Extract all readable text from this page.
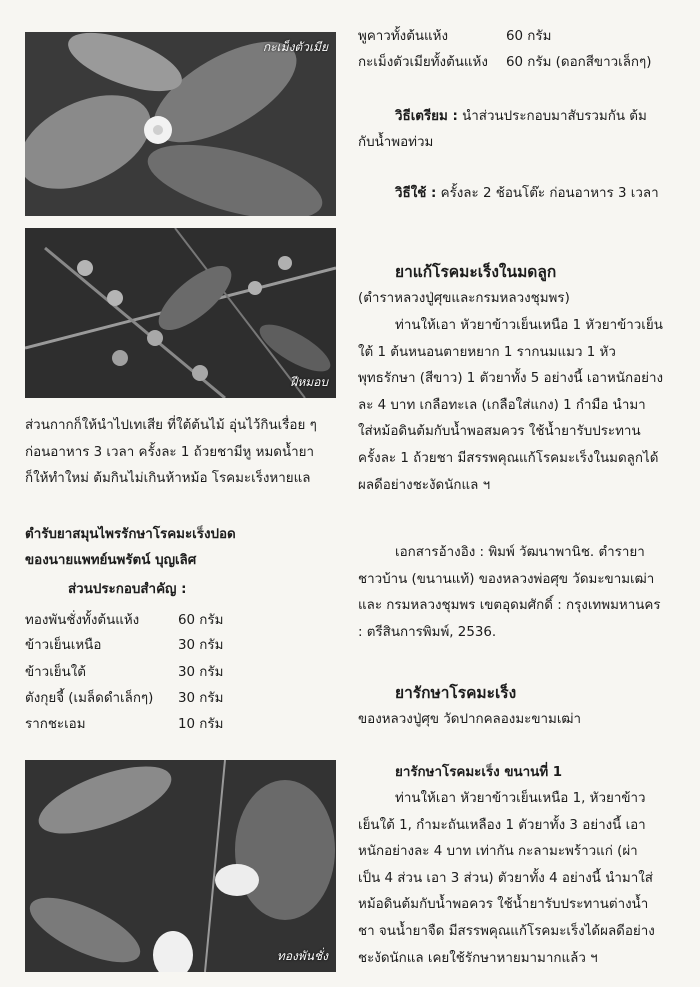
กะเม็งตัวเมีย
ฝีหมอบ
ทองพันชั่ง
พูคาวทั้งต้นแห้ง	60 กรัม
กะเม็งตัวเมียทั้งต้นแห้ง 60 กรัม (ดอกสีขาวเล็กๆ)
วิธีเตรียม : นำส่วนประกอบมาสับรวมกัน ต้ม
กับน้ำพอท่วม
วิธีใช้ : ครั้งละ 2 ช้อนโต๊ะ ก่อนอาหาร 3 เวลา
ยาแก้โรคมะเร็งในมดลูก
(ตำราหลวงปู่ศุขและกรมหลวงชุมพร)
ท่านให้เอา หัวยาข้าวเย็นเหนือ 1 หัวยาข้าวเย็น
ใต้ 1 ต้นหนอนตายหยาก 1 รากนมแมว 1 หัว
พุทธรักษา (สีขาว) 1 ตัวยาทั้ง 5 อย่างนี้ เอาหนักอย่าง
ละ 4 บาท เกลือทะเล (เกลือใส่แกง) 1 กำมือ นำมา
ใส่หม้อดินต้มกับน้ำพอสมควร ใช้น้ำยารับประทาน
ครั้งละ 1 ถ้วยชา มีสรรพคุณแก้โรคมะเร็งในมดลูกได้
ผลดีอย่างชะงัดนักแล ฯ
ส่วนกากก็ให้นำไปเทเสีย ที่ใต้ต้นไม้ อุ่นไว้กินเรื่อย ๆ
ก่อนอาหาร 3 เวลา ครั้งละ 1 ถ้วยชามีหู หมดน้ำยา
ก็ให้ทำใหม่ ต้มกินไม่เกินห้าหม้อ โรคมะเร็งหายแล
ตำรับยาสมุนไพรรักษาโรคมะเร็งปอด
ของนายแพทย์นพรัตน์ บุญเลิศ
ส่วนประกอบสำคัญ :
ทองพันชั่งทั้งต้นแห้ง	60 กรัม
ข้าวเย็นเหนือ	30 กรัม
ข้าวเย็นใต้	30 กรัม
ตังกุยจี้ (เมล็ดดำเล็กๆ) 30 กรัม
รากชะเอม	10 กรัม
เอกสารอ้างอิง : พิมพ์ วัฒนาพานิช. ตำรายา
ชาวบ้าน (ขนานแท้) ของหลวงพ่อศุข วัดมะขามเฒ่า
และ กรมหลวงชุมพร เขตอุดมศักดิ์ : กรุงเทพมหานคร
: ตรีสินการพิมพ์, 2536.
ยารักษาโรคมะเร็ง
ของหลวงปู่ศุข วัดปากคลองมะขามเฒ่า
ยารักษาโรคมะเร็ง ขนานที่ 1
ท่านให้เอา หัวยาข้าวเย็นเหนือ 1, หัวยาข้าว
เย็นใต้ 1, กำมะถันเหลือง 1 ตัวยาทั้ง 3 อย่างนี้ เอา
หนักอย่างละ 4 บาท เท่ากัน กะลามะพร้าวแก่ (ผ่า
เป็น 4 ส่วน เอา 3 ส่วน) ตัวยาทั้ง 4 อย่างนี้ นำมาใส่
หม้อดินต้มกับน้ำพอควร ใช้น้ำยารับประทานต่างน้ำ
ชา จนน้ำยาจืด มีสรรพคุณแก้โรคมะเร็งได้ผลดีอย่าง
ชะงัดนักแล เคยใช้รักษาหายมามากแล้ว ฯ
